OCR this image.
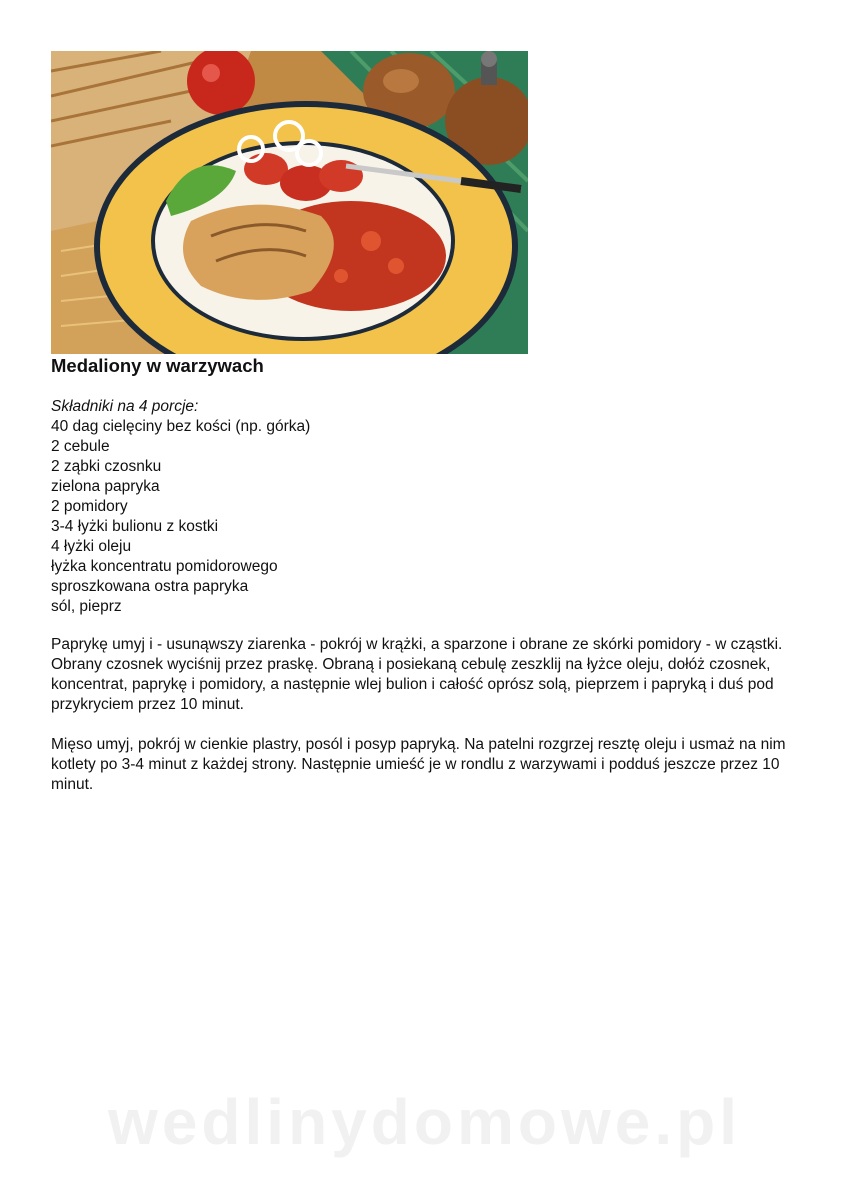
Medaliony w warzywach
Składniki na 4 porcje:
40 dag cielęciny bez kości (np. górka)
2 cebule
2 ząbki czosnku
zielona papryka
2 pomidory
3-4 łyżki bulionu z kostki
4 łyżki oleju
łyżka koncentratu pomidorowego
sproszkowana ostra papryka
sól, pieprz

Paprykę umyj i - usunąwszy ziarenka - pokrój w krążki, a sparzone i obrane ze skórki pomidory - w cząstki. Obrany czosnek wyciśnij przez praskę. Obraną i posiekaną cebulę zeszklij na łyżce oleju, dołóż czosnek, koncentrat, paprykę i pomidory, a następnie wlej bulion i całość oprósz solą, pieprzem i papryką i duś pod przykryciem przez 10 minut.

Mięso umyj, pokrój w cienkie plastry, posól i posyp papryką. Na patelni rozgrzej resztę oleju i usmaż na nim kotlety po 3-4 minut z każdej strony. Następnie umieść je w rondlu z warzywami i podduś jeszcze przez 10 minut.

wedlinydomowe.pl
